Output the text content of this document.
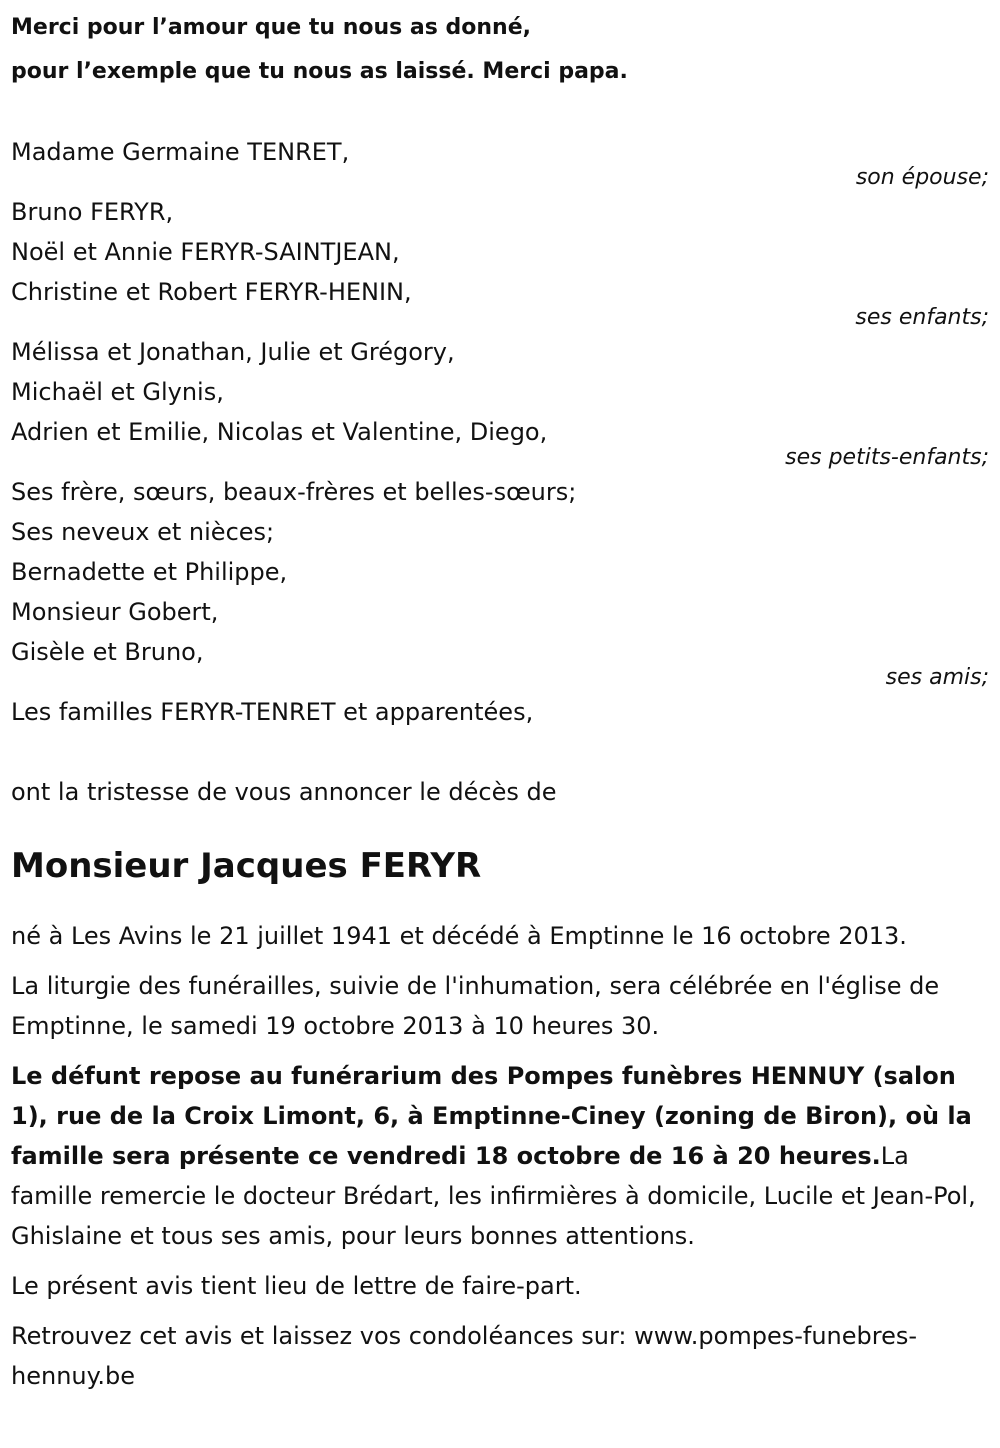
Merci pour l’amour que tu nous as donné,
pour l’exemple que tu nous as laissé. Merci papa.
Madame Germaine TENRET,
son épouse;
Bruno FERYR,
Noël et Annie FERYR-SAINTJEAN,
Christine et Robert FERYR-HENIN,
ses enfants;
Mélissa et Jonathan, Julie et Grégory,
Michaël et Glynis,
Adrien et Emilie, Nicolas et Valentine, Diego,
ses petits-enfants;
Ses frère, sœurs, beaux-frères et belles-sœurs;
Ses neveux et nièces;
Bernadette et Philippe,
Monsieur Gobert,
Gisèle et Bruno,
ses amis;
Les familles FERYR-TENRET et apparentées,
ont la tristesse de vous annoncer le décès de
Monsieur Jacques FERYR
né à Les Avins le 21 juillet 1941 et décédé à Emptinne le 16 octobre 2013.
La liturgie des funérailles, suivie de l'inhumation, sera célébrée en l'église de Emptinne, le samedi 19 octobre 2013 à 10 heures 30.
Le défunt repose au funérarium des Pompes funèbres HENNUY (salon 1), rue de la Croix Limont, 6, à Emptinne-Ciney (zoning de Biron), où la famille sera présente ce vendredi 18 octobre de 16 à 20 heures.La famille remercie le docteur Brédart, les infirmières à domicile, Lucile et Jean-Pol, Ghislaine et tous ses amis, pour leurs bonnes attentions.
Le présent avis tient lieu de lettre de faire-part.
Retrouvez cet avis et laissez vos condoléances sur: www.pompes-funebres-hennuy.be
